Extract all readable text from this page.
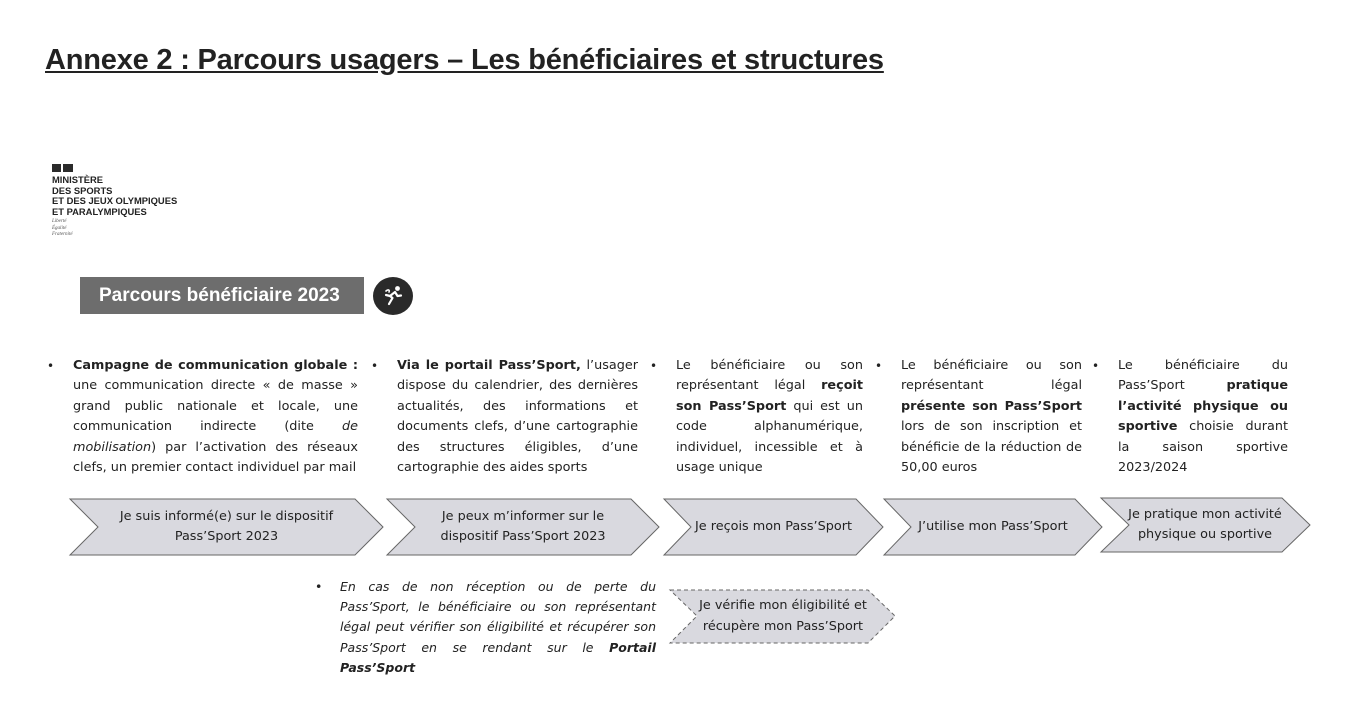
Annexe 2 : Parcours usagers – Les bénéficiaires et structures
MINISTÈRE
DES SPORTS
ET DES JEUX OLYMPIQUES
ET PARALYMPIQUES
Liberté
Égalité
Fraternité
Parcours bénéficiaire 2023
• Campagne de communication globale : une communication directe « de masse » grand public nationale et locale, une communication indirecte (dite de mobilisation) par l’activation des réseaux clefs, un premier contact individuel par mail
• Via le portail Pass’Sport, l’usager dispose du calendrier, des dernières actualités, des informations et documents clefs, d’une cartographie des structures éligibles, d’une cartographie des aides sports
• Le bénéficiaire ou son représentant légal reçoit son Pass’Sport qui est un code alphanumérique, individuel, incessible et à usage unique
• Le bénéficiaire ou son représentant légal présente son Pass’Sport lors de son inscription et bénéficie de la réduction de 50,00 euros
• Le bénéficiaire du Pass’Sport pratique l’activité physique ou sportive choisie durant la saison sportive 2023/2024
Je suis informé(e) sur le dispositif Pass’Sport 2023
Je peux m’informer sur le dispositif Pass’Sport 2023
Je reçois mon Pass’Sport	J’utilise mon Pass’Sport
Je pratique mon activité physique ou sportive
Je vérifie mon éligibilité et récupère mon Pass’Sport
• En cas de non réception ou de perte du Pass’Sport, le bénéficiaire ou son représentant légal peut vérifier son éligibilité et récupérer son Pass’Sport en se rendant sur le Portail Pass’Sport
